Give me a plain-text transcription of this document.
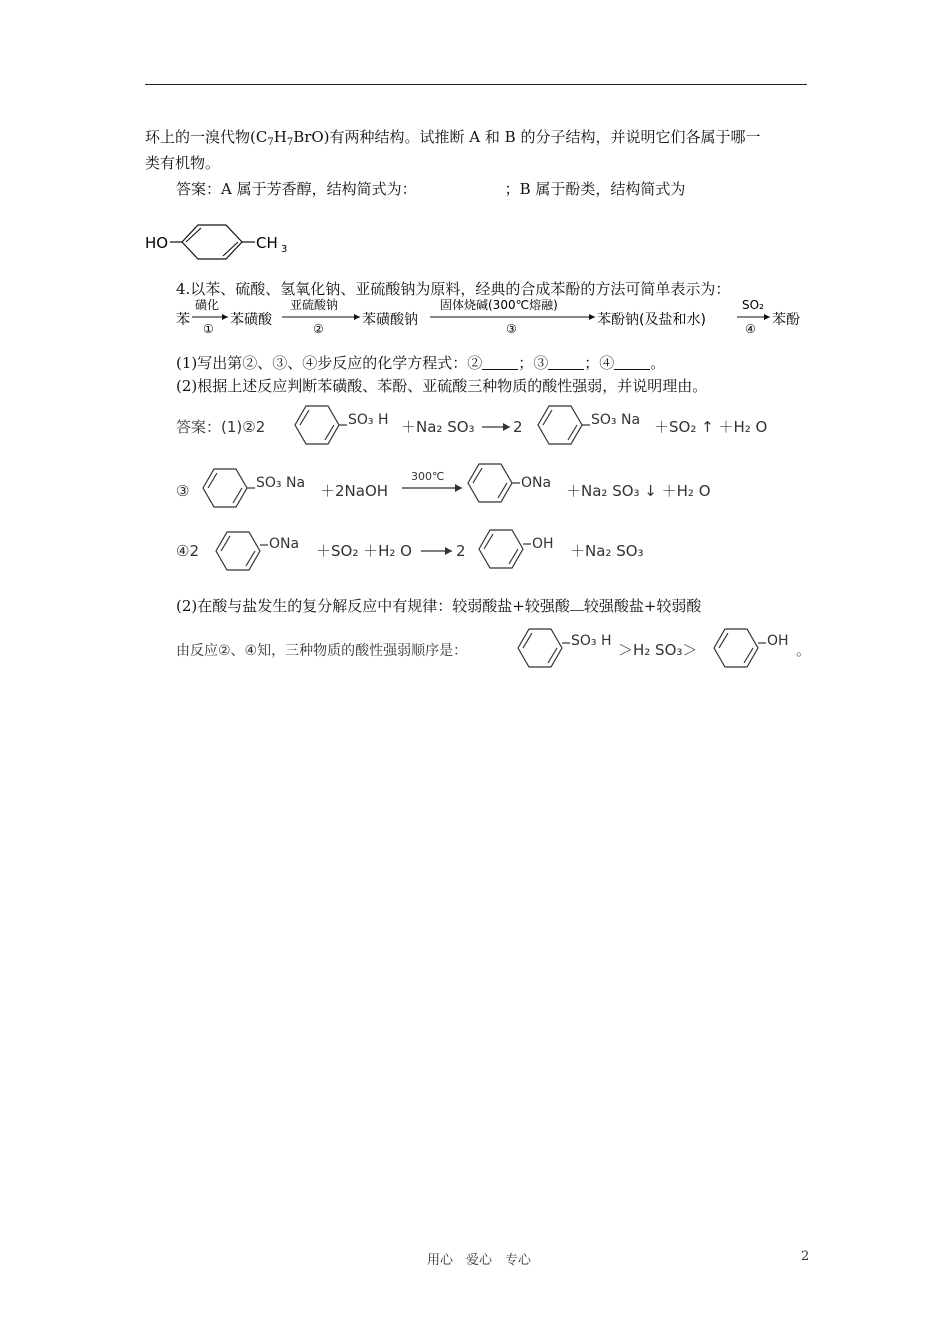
环上的一溴代物$(C_7H_7BrO)$有两种结构。试推断 A 和 B 的分子结构，并说明它们各属于哪一
类有机物。
答案：A 属于芳香醇，结构简式为：	；B 属于酚类，结构简式为
HO	CH 3
4.以苯、硫酸、氢氧化钠、亚硫酸钠为原料，经典的合成苯酚的方法可简单表示为：
苯
磺化
①
苯磺酸
亚硫酸钠
②
苯磺酸钠
固体烧碱(300℃熔融)
③
苯酚钠(及盐和水)
SO₂
④
苯酚
(1)写出第②、③、④步反应的化学方程式：② ；③ ；④ 。
(2)根据上述反应判断苯磺酸、苯酚、亚硫酸三种物质的酸性强弱，并说明理由。
答案：(1)②2	SO₃ H ＋Na₂ SO₃	2	SO₃ Na ＋SO₂ ↑ ＋H₂ O
③	SO₃ Na ＋2NaOH
300℃	ONa ＋Na₂ SO₃ ↓ ＋H₂ O
④2	ONa ＋SO₂ ＋H₂ O	2	OH ＋Na₂ SO₃
(2)在酸与盐发生的复分解反应中有规律：较弱酸盐+较强酸 较强酸盐+较弱酸
由反应②、④知，三种物质的酸性强弱顺序是：
SO₃ H ＞H₂ SO₃＞	OH 。
用心　爱心　专心	2
